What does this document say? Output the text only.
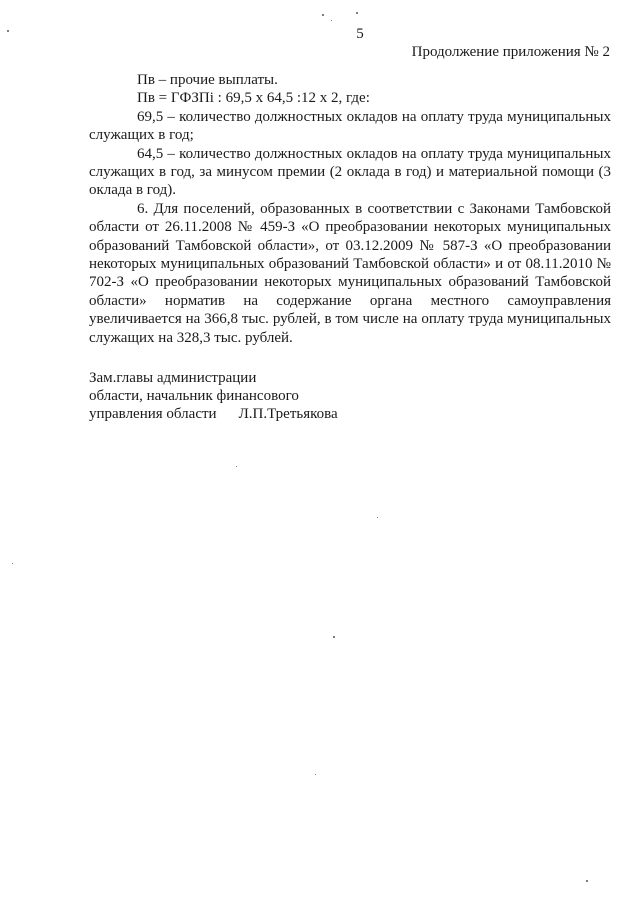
5
Продолжение приложения № 2

Пв – прочие выплаты.

Пв = ГФЗПi : 69,5 х 64,5 :12 х 2, где:

69,5 – количество должностных окладов на оплату труда муниципальных служащих в год;

64,5 – количество должностных окладов на оплату труда муниципальных служащих в год, за минусом премии (2 оклада в год) и материальной помощи (3 оклада в год).

6. Для поселений, образованных в соответствии с Законами Тамбовской области от 26.11.2008 № 459-З «О преобразовании некоторых муниципальных образований Тамбовской области», от 03.12.2009 № 587-З «О преобразовании некоторых муниципальных образований Тамбовской области» и от 08.11.2010 № 702-З «О преобразовании некоторых муниципальных образований Тамбовской области» норматив на содержание органа местного самоуправления увеличивается на 366,8 тыс. рублей, в том числе на оплату труда муниципальных служащих на 328,3 тыс. рублей.

Зам.главы администрации
области, начальник финансового
управления области Л.П.Третьякова
